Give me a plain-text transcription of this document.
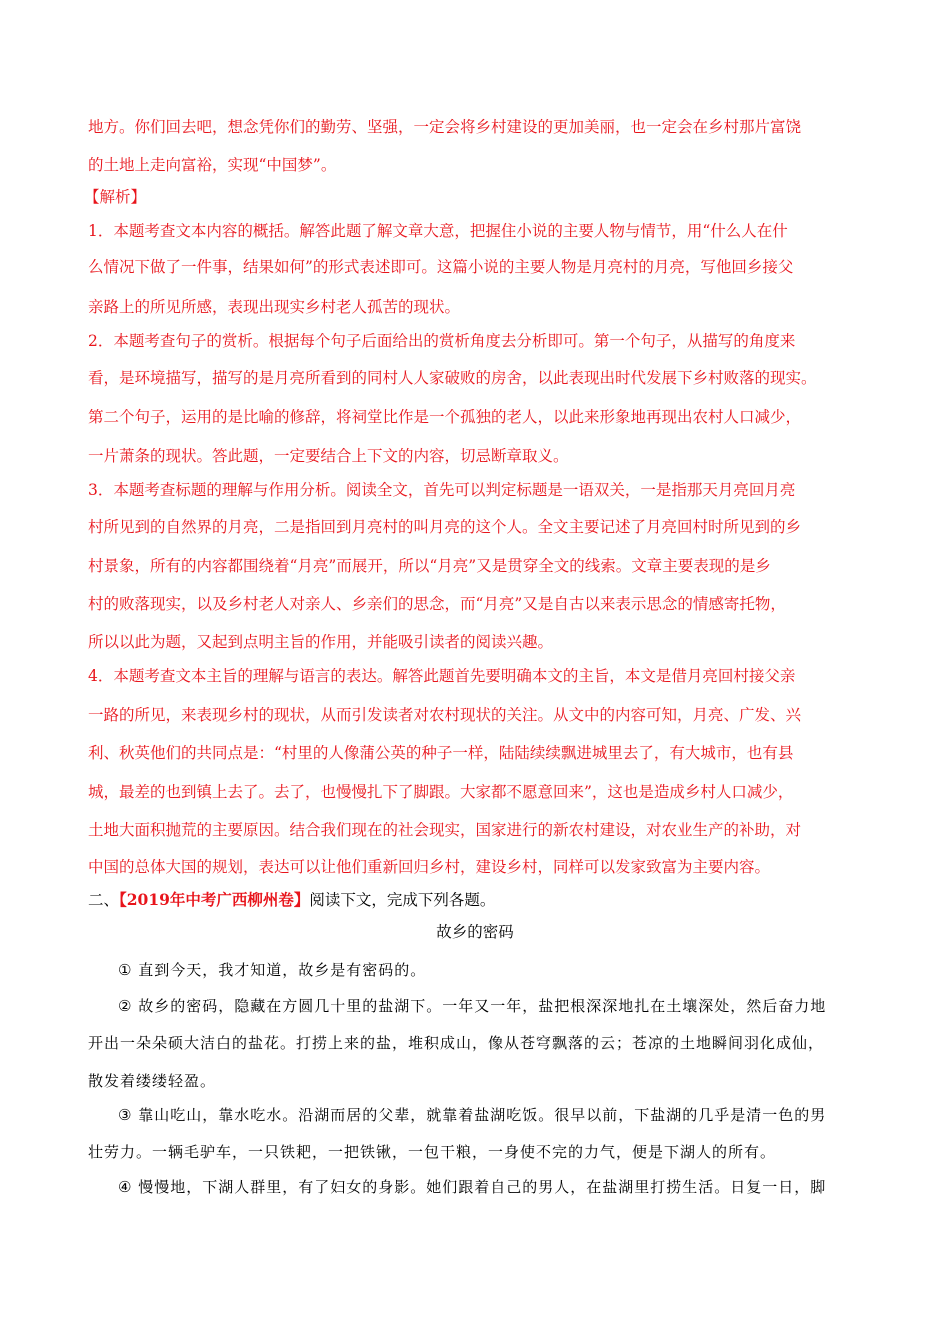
地方。你们回去吧，想念凭你们的勤劳、坚强，一定会将乡村建设的更加美丽，也一定会在乡村那片富饶
的土地上走向富裕，实现“中国梦”。
【解析】
1．本题考查文本内容的概括。解答此题了解文章大意，把握住小说的主要人物与情节，用“什么人在什
么情况下做了一件事，结果如何”的形式表述即可。这篇小说的主要人物是月亮村的月亮，写他回乡接父
亲路上的所见所感，表现出现实乡村老人孤苦的现状。
2．本题考查句子的赏析。根据每个句子后面给出的赏析角度去分析即可。第一个句子，从描写的角度来
看，是环境描写，描写的是月亮所看到的同村人人家破败的房舍，以此表现出时代发展下乡村败落的现实。
第二个句子，运用的是比喻的修辞，将祠堂比作是一个孤独的老人，以此来形象地再现出农村人口减少，
一片萧条的现状。答此题，一定要结合上下文的内容，切忌断章取义。
3．本题考查标题的理解与作用分析。阅读全文，首先可以判定标题是一语双关，一是指那天月亮回月亮
村所见到的自然界的月亮，二是指回到月亮村的叫月亮的这个人。全文主要记述了月亮回村时所见到的乡
村景象，所有的内容都围绕着“月亮”而展开，所以“月亮”又是贯穿全文的线索。文章主要表现的是乡
村的败落现实，以及乡村老人对亲人、乡亲们的思念，而“月亮”又是自古以来表示思念的情感寄托物，
所以以此为题，又起到点明主旨的作用，并能吸引读者的阅读兴趣。
4．本题考查文本主旨的理解与语言的表达。解答此题首先要明确本文的主旨，本文是借月亮回村接父亲
一路的所见，来表现乡村的现状，从而引发读者对农村现状的关注。从文中的内容可知，月亮、广发、兴
利、秋英他们的共同点是：“村里的人像蒲公英的种子一样，陆陆续续飘进城里去了，有大城市，也有县
城，最差的也到镇上去了。去了，也慢慢扎下了脚跟。大家都不愿意回来”，这也是造成乡村人口减少，
土地大面积抛荒的主要原因。结合我们现在的社会现实，国家进行的新农村建设，对农业生产的补助，对
中国的总体大国的规划，表达可以让他们重新回归乡村，建设乡村，同样可以发家致富为主要内容。
二、【2019年中考广西柳州卷】阅读下文，完成下列各题。
故乡的密码
① 直到今天，我才知道，故乡是有密码的。
② 故乡的密码，隐藏在方圆几十里的盐湖下。一年又一年，盐把根深深地扎在土壤深处，然后奋力地
开出一朵朵硕大洁白的盐花。打捞上来的盐，堆积成山，像从苍穹飘落的云；苍凉的土地瞬间羽化成仙，
散发着缕缕轻盈。
③ 靠山吃山，靠水吃水。沿湖而居的父辈，就靠着盐湖吃饭。很早以前，下盐湖的几乎是清一色的男
壮劳力。一辆毛驴车，一只铁耙，一把铁锹，一包干粮，一身使不完的力气，便是下湖人的所有。
④ 慢慢地，下湖人群里，有了妇女的身影。她们跟着自己的男人，在盐湖里打捞生活。日复一日，脚
